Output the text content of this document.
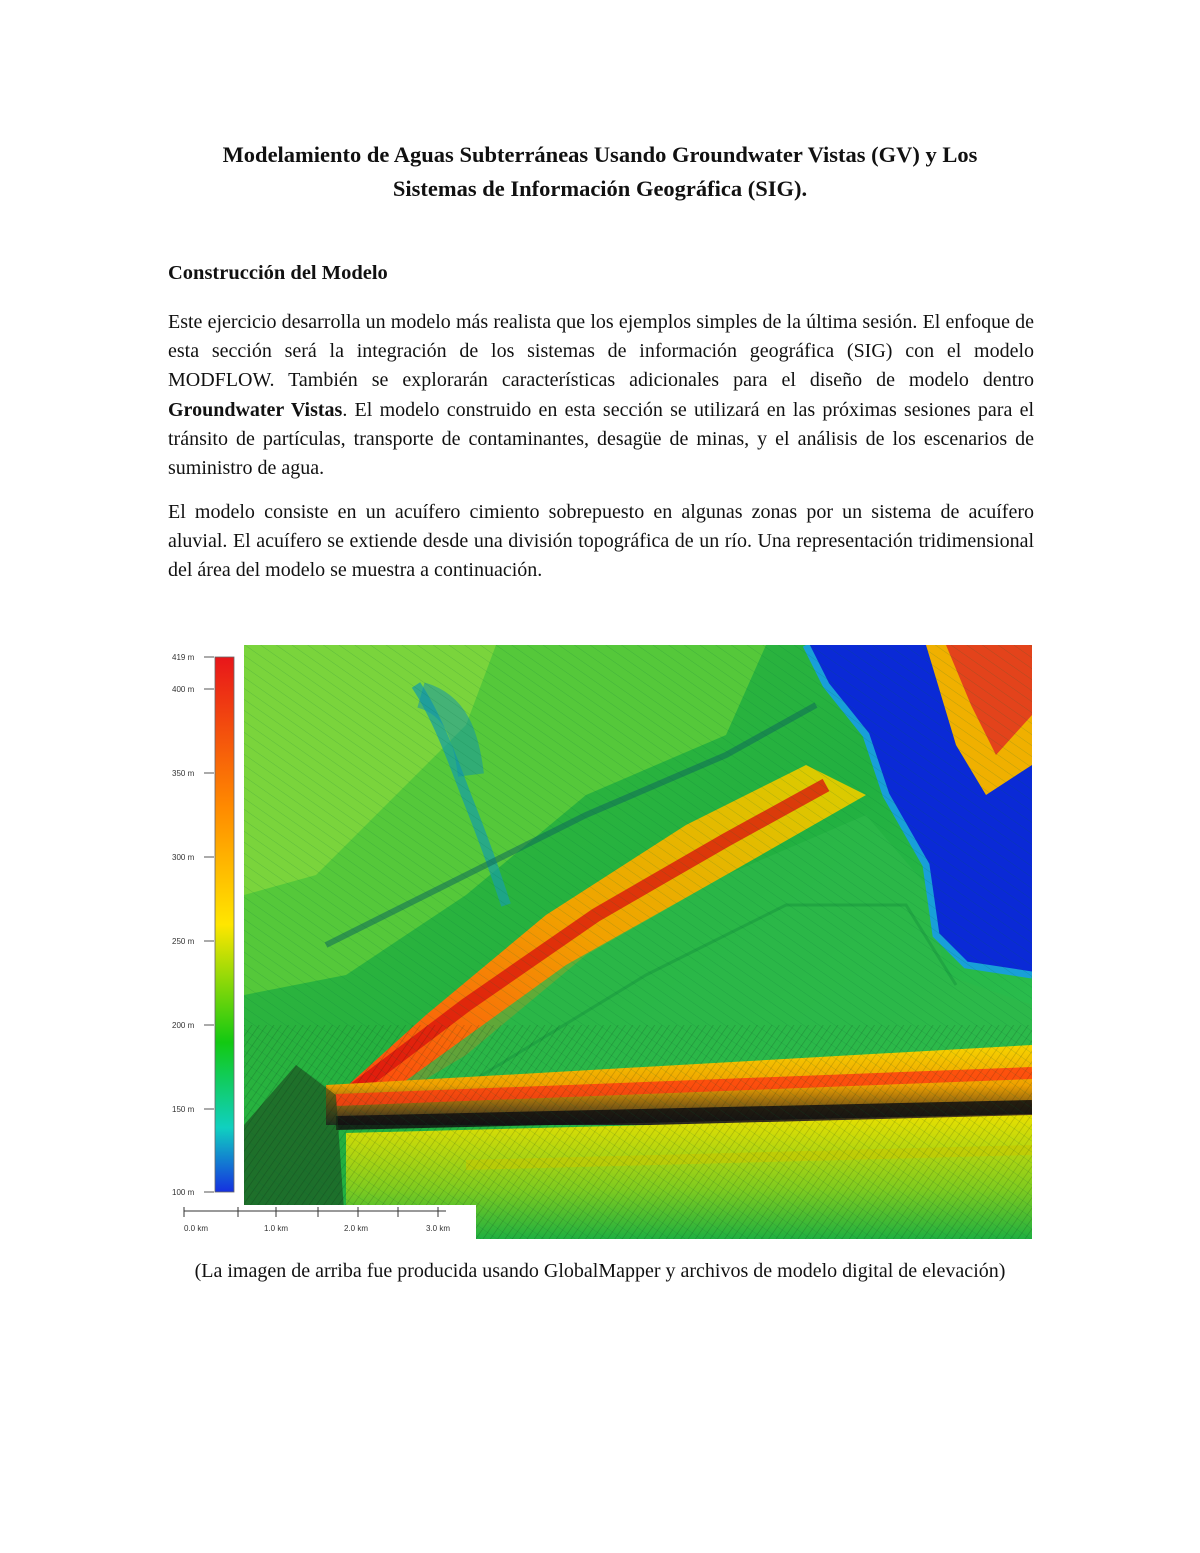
Modelamiento de Aguas Subterráneas Usando Groundwater Vistas (GV) y Los
Sistemas de Información Geográfica (SIG).
Construcción del Modelo

Este ejercicio desarrolla un modelo más realista que los ejemplos simples de la última sesión. El enfoque de esta sección será la integración de los sistemas de información geográfica (SIG) con el modelo MODFLOW. También se explorarán características adicionales para el diseño de modelo dentro Groundwater Vistas. El modelo construido en esta sección se utilizará en las próximas sesiones para el tránsito de partículas, transporte de contaminantes, desagüe de minas, y el análisis de los escenarios de suministro de agua.

El modelo consiste en un acuífero cimiento sobrepuesto en algunas zonas por un sistema de acuífero aluvial. El acuífero se extiende desde una división topográfica de un río. Una representación tridimensional del área del modelo se muestra a continuación.

419 m
400 m
350 m
300 m
250 m
200 m
150 m
100 m
0.0 km	1.0 km	2.0 km	3.0 km
(La imagen de arriba fue producida usando GlobalMapper y archivos de modelo digital de elevación)
